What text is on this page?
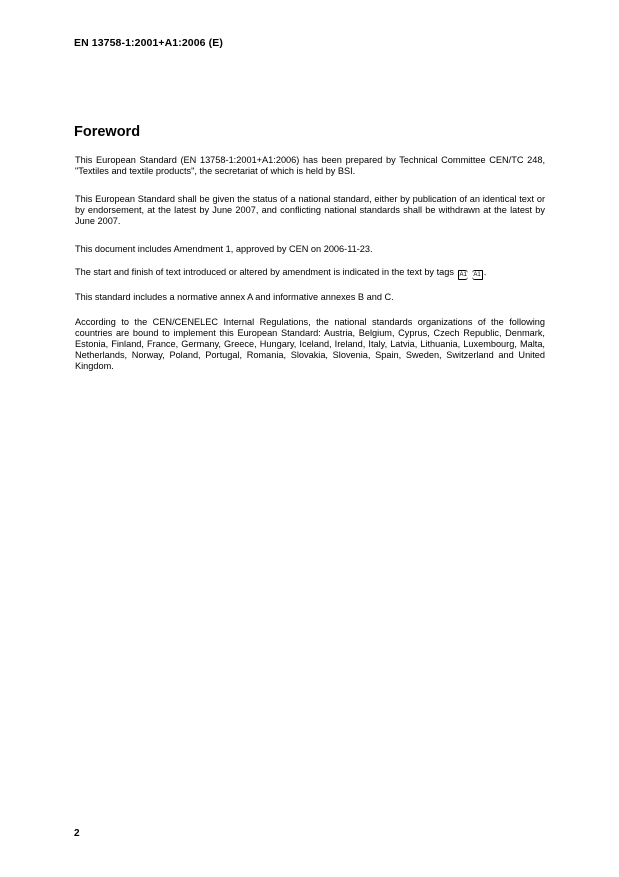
EN 13758-1:2001+A1:2006 (E)
Foreword

This European Standard (EN 13758-1:2001+A1:2006) has been prepared by Technical Committee CEN/TC 248, "Textiles and textile products", the secretariat of which is held by BSI.

This European Standard shall be given the status of a national standard, either by publication of an identical text or by endorsement, at the latest by June 2007, and conflicting national standards shall be withdrawn at the latest by June 2007.

This document includes Amendment 1, approved by CEN on 2006-11-23.

The start and finish of text introduced or altered by amendment is indicated in the text by tags A1 A1 .

This standard includes a normative annex A and informative annexes B and C.

According to the CEN/CENELEC Internal Regulations, the national standards organizations of the following countries are bound to implement this European Standard: Austria, Belgium, Cyprus, Czech Republic, Denmark, Estonia, Finland, France, Germany, Greece, Hungary, Iceland, Ireland, Italy, Latvia, Lithuania, Luxembourg, Malta, Netherlands, Norway, Poland, Portugal, Romania, Slovakia, Slovenia, Spain, Sweden, Switzerland and United Kingdom.

2
